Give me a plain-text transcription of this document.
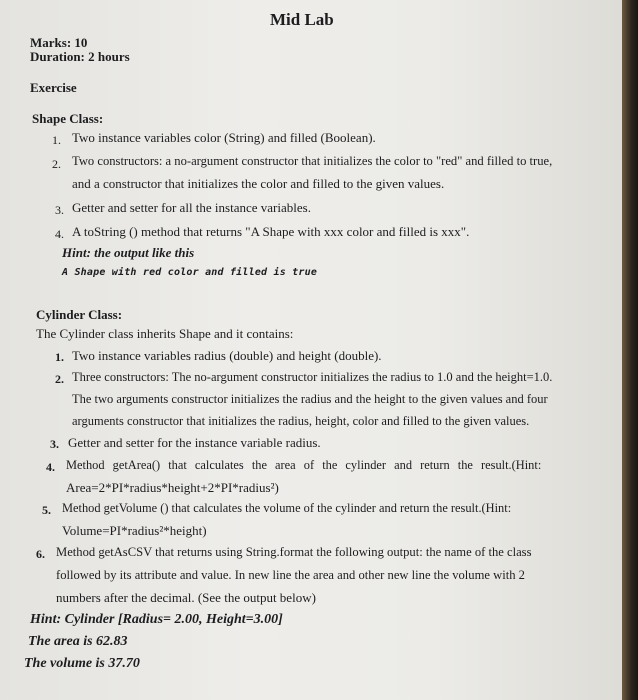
Mid Lab
Marks: 10
Duration: 2 hours
Exercise
Shape Class:
1. Two instance variables color (String) and filled (Boolean).
2. Two constructors: a no-argument constructor that initializes the color to "red" and filled to true,
and a constructor that initializes the color and filled to the given values.
3. Getter and setter for all the instance variables.
4. A toString () method that returns "A Shape with xxx color and filled is xxx".
Hint: the output like this
A Shape with red color and filled is true
Cylinder Class:
The Cylinder class inherits Shape and it contains:
1. Two instance variables radius (double) and height (double).
2. Three constructors: The no-argument constructor initializes the radius to 1.0 and the height=1.0.
The two arguments constructor initializes the radius and the height to the given values and four
arguments constructor that initializes the radius, height, color and filled to the given values.
3. Getter and setter for the instance variable radius.
4. Method getArea() that calculates the area of the cylinder and return the result.(Hint:
Area=2*PI*radius*height+2*PI*radius²)
5. Method getVolume () that calculates the volume of the cylinder and return the result.(Hint:
Volume=PI*radius²*height)
6. Method getAsCSV that returns using String.format the following output: the name of the class
followed by its attribute and value. In new line the area and other new line the volume with 2
numbers after the decimal. (See the output below)
Hint: Cylinder [Radius= 2.00, Height=3.00]
The area is 62.83
The volume is 37.70
